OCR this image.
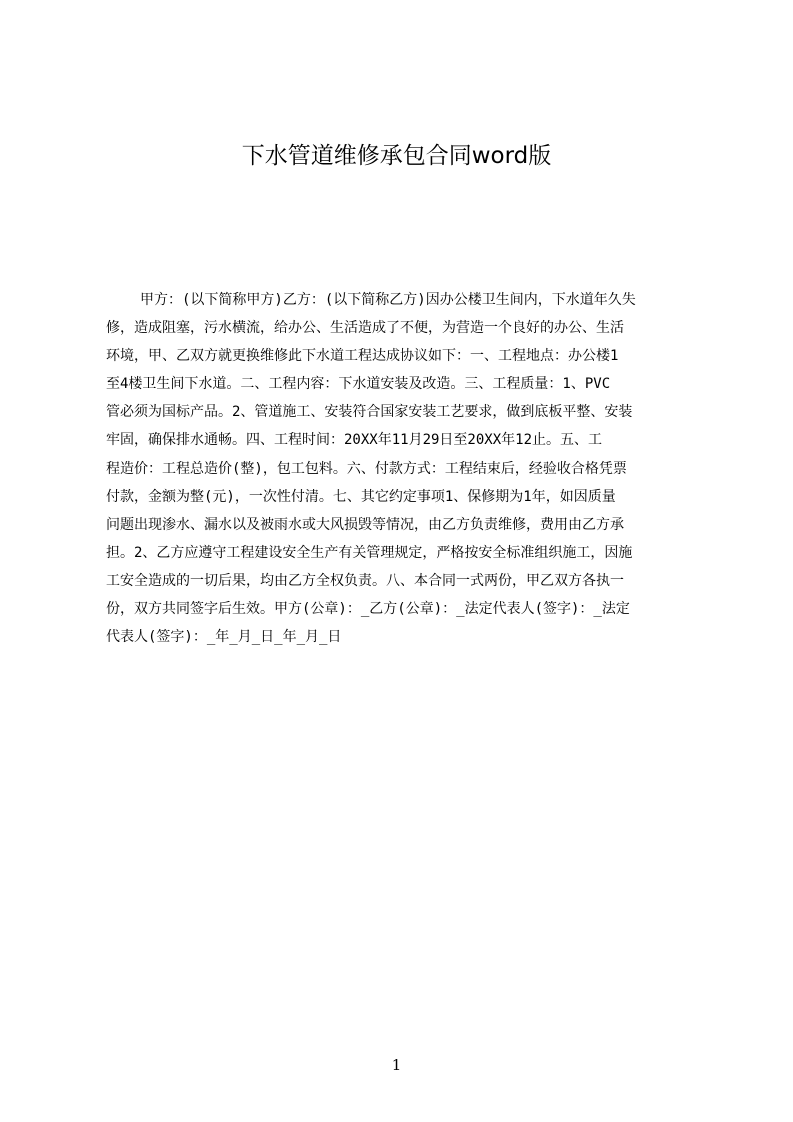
下水管道维修承包合同word版
甲方：(以下简称甲方)乙方：(以下简称乙方)因办公楼卫生间内，下水道年久失
修，造成阻塞，污水横流，给办公、生活造成了不便，为营造一个良好的办公、生活
环境，甲、乙双方就更换维修此下水道工程达成协议如下：一、工程地点：办公楼1
至4楼卫生间下水道。二、工程内容：下水道安装及改造。三、工程质量：1、PVC
管必须为国标产品。2、管道施工、安装符合国家安装工艺要求，做到底板平整、安装
牢固，确保排水通畅。四、工程时间：20XX年11月29日至20XX年12止。五、工
程造价：工程总造价(整)，包工包料。六、付款方式：工程结束后，经验收合格凭票
付款，金额为整(元)，一次性付清。七、其它约定事项1、保修期为1年，如因质量
问题出现渗水、漏水以及被雨水或大风损毁等情况，由乙方负责维修，费用由乙方承
担。2、乙方应遵守工程建设安全生产有关管理规定，严格按安全标准组织施工，因施
工安全造成的一切后果，均由乙方全权负责。八、本合同一式两份，甲乙双方各执一
份，双方共同签字后生效。甲方(公章)：_乙方(公章)：_法定代表人(签字)：_法定
代表人(签字)：_年_月_日_年_月_日
1
